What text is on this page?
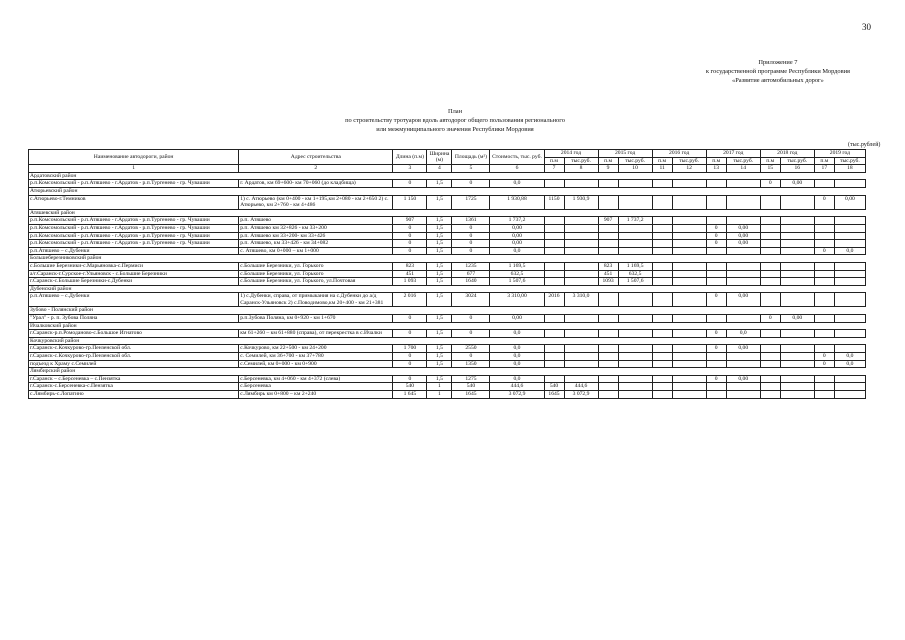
30
Приложение 7
к государственной программе Республики Мордовия
«Развитие автомобильных дорог»
План
по строительству тротуаров вдоль автодорог общего пользования регионального
или межмуниципального значения Республики Мордовия
(тыс.рублей)
Наименование автодороги, район	Адрес строительства	Длина (п.м)	Ширина (м)	Площадь (м²)	Стоимость, тыс. руб.	2014 год		2015 год		2016 год		2017 год		2018 год		2019 год	
						п.м	тыс.руб.	п.м	тыс.руб.	п.м	тыс.руб.	п.м	тыс.руб.	п.м	тыс.руб.	п.м	тыс.руб.
1	2	3	4	5	6	7	8	9	10	11	12	13	14	15	16	17	18
Ардатовский район																	
р.п.Комсомольский - р.п.Атяшево - г.Ардатов - р.п.Тургенево - гр. Чувашии	г. Ардатов, км 69+600- км 70+060 (до кладбища)	0	1,5	0	0,0									0	0,00		
Атюрьевский район																	
с.Атюрьево-г.Темников	1) с. Атюрьево (км 0+400 - км 1+195,км 2+080 - км 2+650 2) с. Атюрьево, км 2+760 - км 4+486	1 150	1,5	1725	1 930,88	1150	1 930,9									0	0,00
Атяшевский район																	
р.п.Комсомольский - р.п.Атяшево - г.Ардатов - р.п.Тургенево - гр. Чувашии	р.п. Атяшево	907	1,5	1361	1 737,2			907	1 737,2								
р.п.Комсомольский - р.п.Атяшево - г.Ардатов - р.п.Тургенево - гр. Чувашии	р.п. Атяшево км 32+826 - км 33+200	0	1,5	0	0,00							0	0,00				
р.п.Комсомольский - р.п.Атяшево - г.Ардатов - р.п.Тургенево - гр. Чувашии	р.п. Атяшево км 33+200- км 33+426	0	1,5	0	0,00							0	0,00				
р.п.Комсомольский - р.п.Атяшево - г.Ардатов - р.п.Тургенево - гр. Чувашии	р.п. Атяшево, км 33+426 - км 34+082	0	1,5	0	0,00							0	0,00				
р.п.Атяшево – с.Дубенки	с. Атяшево, км 0+000 – км 1+000	0	1,5	0	0,0											0	0,0
Большеберезниковский район																	
с.Большие Березники-с.Марьяновка-с.Пермиси	с.Большие Березники, ул. Горького	823	1,5	1235	1 169,5			823	1 169,5								
а/г.Саранск-г.Сурское-г.Ульяновск - с.Большие Березники	с.Большие Березники, ул. Горького	451	1,5	677	632,5			451	632,5								
г.Саранск-с.Большие Березники-с.Дубенки	с.Большие Березники, ул. Горького, ул.Почтовая	1 093	1,5	1640	1 507,6			1093	1 507,6								
Дубенский район																	
р.п.Атяшево – с.Дубенки	1) с.Дубенки, справа, от примыкания на с.Дубенки до а/д Саранск-Ульяновск 2) с.Поводимово,км 20+400 - км 21+381	2 016	1,5	3024	3 310,00	2016	3 310,0					0	0,00				
Зубово - Полянский район																	
"Урал" - р. п. Зубова Поляна	р.п.Зубова Поляна, км 0+920 - км 1+670	0	1,5	0	0,00									0	0,00		
Ичалковский район																	
г.Саранск-р.п.Ромоданово-с.Большое Игнатово	км 61+260 – км 61+880 (справа), от перекрестка в с.Ичалки	0	1,5	0	0,0							0	0,0				
Кочкуровский район																	
г.Саранск-с.Кочкурово-гр.Пензенской обл.	с.Кочкурово, км 22+500 - км 24+200	1 700	1,5	2550	0,0							0	0,00				
г.Саранск-с.Кочкурово-гр.Пензенской обл.	с. Семилей, км 36+700 - км 37+780	0	1,5	0	0,0											0	0,0
подъезд к Храму с.Семилей	с.Семилей, км 0+000 - км 0+900	0	1,5	1350	0,0											0	0,0
Лямбирский район																	
г.Саранск – с.Берсеневка – с.Пензятка	с.Берсеневка, км 4+060 - км 4+372 (слева)	0	1,5	1275	0,0							0	0,00				
г.Саранск-с.Берсеневка-с.Пензятка	с.Берсеневка	540	1	540	444,6	540	444,6										
с.Лямбирь-с.Лопатино	с.Лямбирь км 0+800 – км 2+240	1 645	1	1645	3 072,9	1645	3 072,9										
